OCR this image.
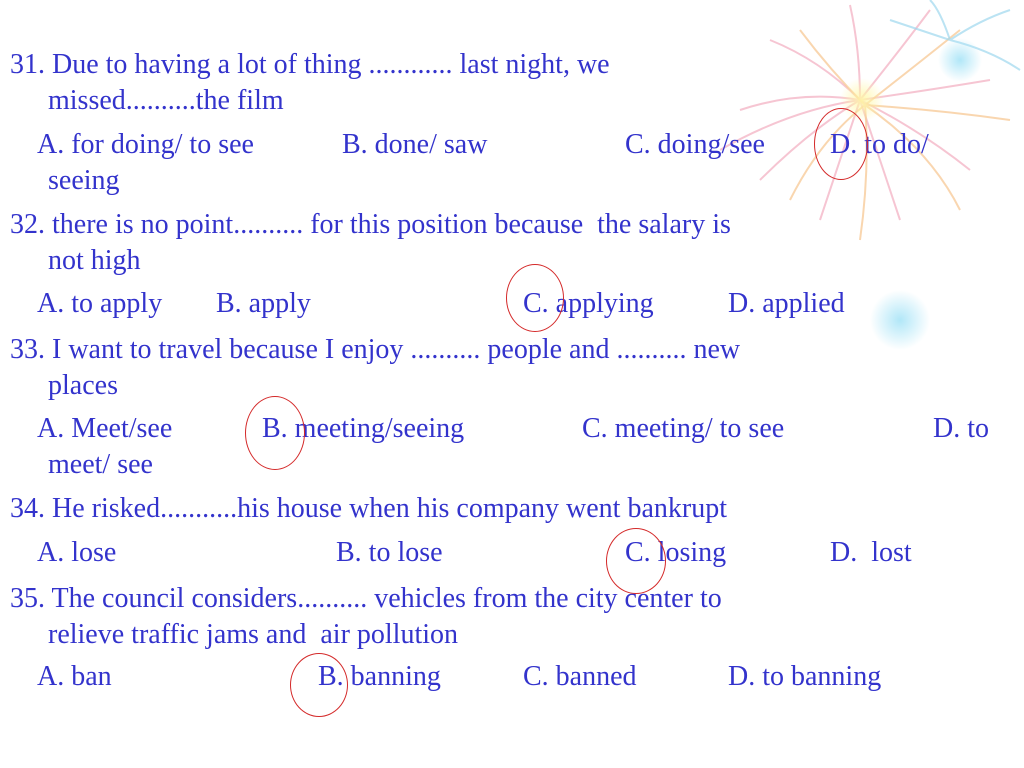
31. Due to having a lot of thing ............ last night, we
missed..........the film
A. for doing/ to see	B. done/ saw	C. doing/see D. to do/
seeing
32. there is no point.......... for this position because  the salary is
not high
A. to apply B. apply	C. applying	D. applied
33. I want to travel because I enjoy .......... people and .......... new
places
A. Meet/see	B. meeting/seeing	C. meeting/ to see	D. to
meet/ see
34. He risked...........his house when his company went bankrupt
A. lose	B. to lose	C. losing	D.  lost
35. The council considers.......... vehicles from the city center to
relieve traffic jams and  air pollution
A. ban	B. banning	C. banned	D. to banning
